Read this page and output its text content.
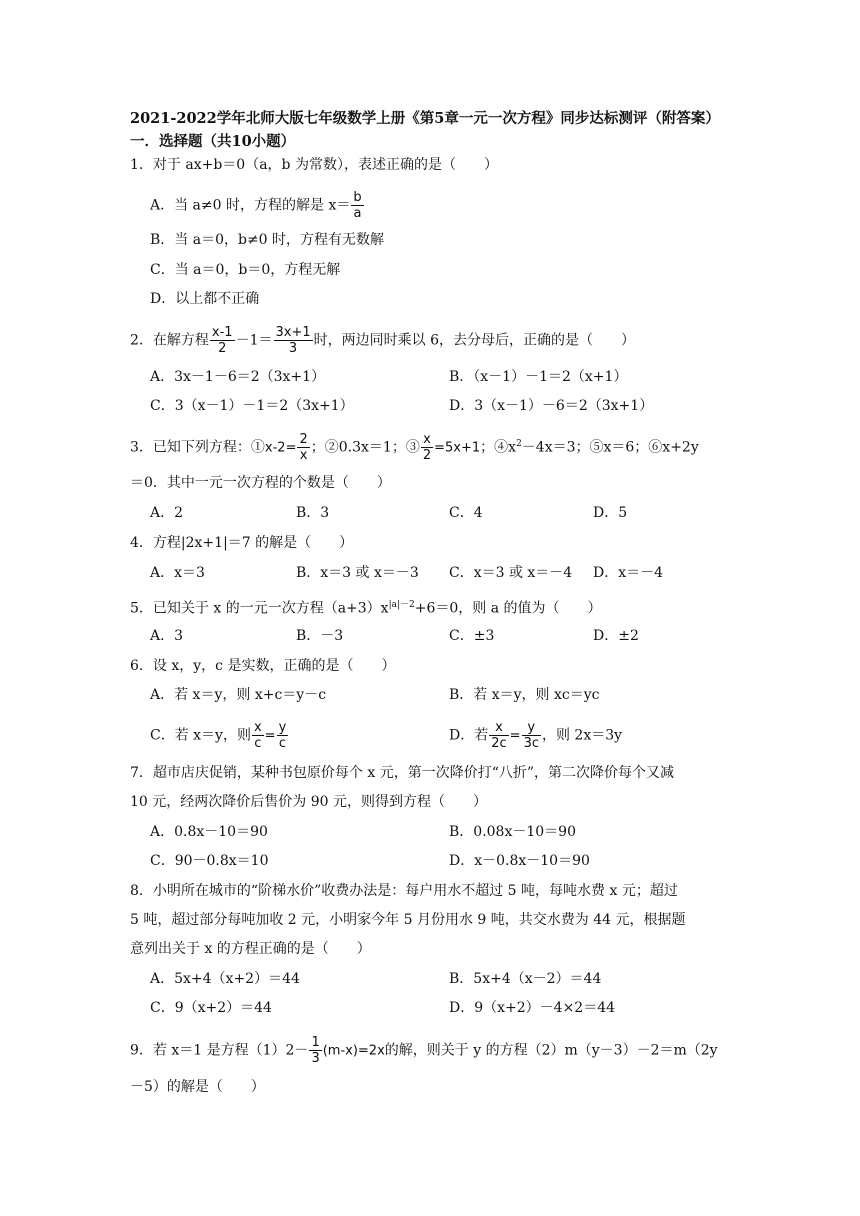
2021-2022学年北师大版七年级数学上册《第5章一元一次方程》同步达标测评（附答案）
一．选择题（共10小题）
1．对于 ax+b＝0（a，b 为常数），表述正确的是（　　）
A．当 a≠0 时，方程的解是 $x= \frac{b}{a}$
B．当 a＝0，b≠0 时，方程有无数解
C．当 a＝0，b＝0，方程无解
D．以上都不正确
2．在解方程 $\frac{x-1}{2} -1= \frac{3x+1}{3}$ 时，两边同时乘以 6，去分母后，正确的是（　　）
A．3x－1－6＝2（3x+1）	B．（x－1）－1＝2（x+1）
C．3（x－1）－1＝2（3x+1）	D．3（x－1）－6＝2（3x+1）
3．已知下列方程：①x-2= $\frac{2}{x}$ ；②0.3x＝1；③ $\frac{x}{2} =5x+1$；$④x^2-4x=3$；⑤x＝6；⑥x+2y
＝0．其中一元一次方程的个数是（　　）
A．2	B．3	C．4	D．5
4．方程|2x+1|＝7 的解是（　　）
A．x＝3	B．x＝3 或 x＝－3 C．x＝3 或 x＝－4 D．x＝－4
5．已知关于 x 的一元一次方程$(a+3)x^{|a|-2}+6=0$，则 a 的值为（　　）
A．3	B．－3	C．±3	D．±2
6．设 x，y，c 是实数，正确的是（　　）
A．若 x＝y，则 x+c＝y－c	B．若 x＝y，则 xc＝yc
C．若 x＝y，则 $\frac{x}{c} = \frac{y}{c}$	D．若 $\frac{x}{2c} = \frac{y}{3c}$ ，则 2x＝3y
7．超市店庆促销，某种书包原价每个 x 元，第一次降价打“八折”，第二次降价每个又减
10 元，经两次降价后售价为 90 元，则得到方程（　　）
A．0.8x－10＝90	B．0.08x－10＝90
C．90－0.8x＝10	D．x－0.8x－10＝90
8．小明所在城市的“阶梯水价”收费办法是：每户用水不超过 5 吨，每吨水费 x 元；超过
5 吨，超过部分每吨加收 2 元，小明家今年 5 月份用水 9 吨，共交水费为 44 元，根据题
意列出关于 x 的方程正确的是（　　）
A．5x+4（x+2）＝44	B．5x+4（x－2）＝44
C．9（x+2）＝44	D．9（x+2）－4×2＝44
9．若 x＝1 是方程$(1)2- \frac{1}{3} (m-x)=2x$的解，则关于 y 的方程（2）m（y－3）－2＝m（2y
－5）的解是（　　）
